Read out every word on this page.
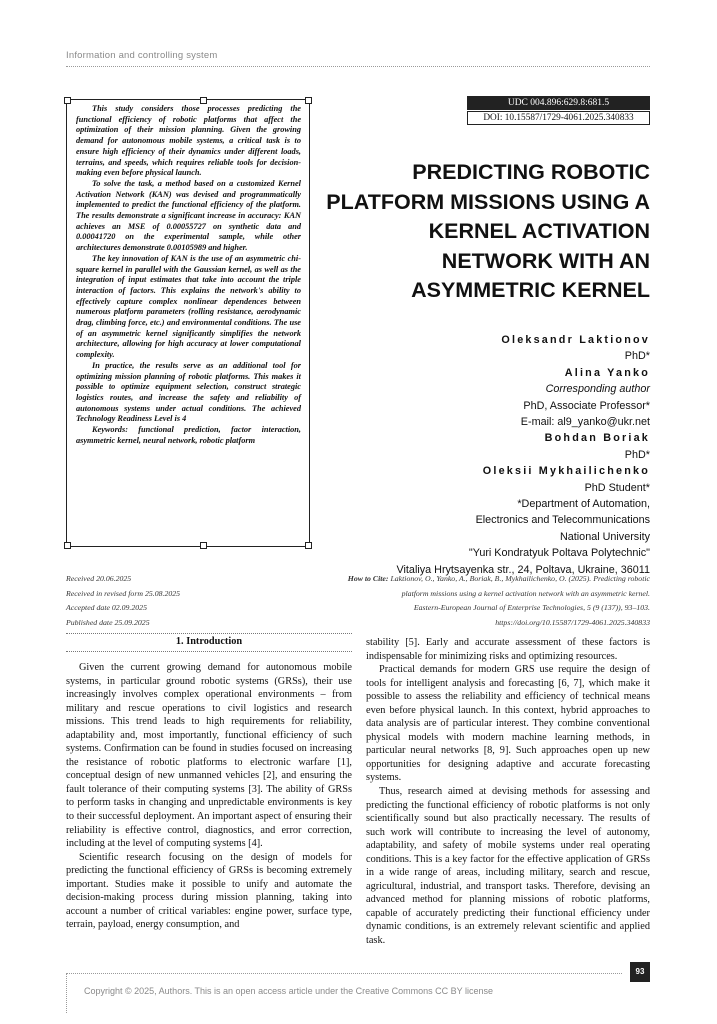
Information and controlling system

This study considers those processes predicting the functional efficiency of robotic platforms that affect the optimization of their mission planning. Given the growing demand for autonomous mobile systems, a critical task is to ensure high efficiency of their dynamics under different loads, terrains, and speeds, which requires reliable tools for decision-making even before physical launch.

To solve the task, a method based on a customized Kernel Activation Network (KAN) was devised and programmatically implemented to predict the functional efficiency of the platform. The results demonstrate a significant increase in accuracy: KAN achieves an MSE of 0.00055727 on synthetic data and 0.00041720 on the experimental sample, while other architectures demonstrate 0.00105989 and higher.

The key innovation of KAN is the use of an asymmetric chi-square kernel in parallel with the Gaussian kernel, as well as the integration of input estimates that take into account the triple interaction of factors. This explains the network's ability to effectively capture complex nonlinear dependences between numerous platform parameters (rolling resistance, aerodynamic drag, climbing force, etc.) and environmental conditions. The use of an asymmetric kernel significantly simplifies the network architecture, allowing for high accuracy at lower computational complexity.

In practice, the results serve as an additional tool for optimizing mission planning of robotic platforms. This makes it possible to optimize equipment selection, construct strategic logistics routes, and increase the safety and reliability of autonomous systems under actual conditions. The achieved Technology Readiness Level is 4

Keywords: functional prediction, factor interaction, asymmetric kernel, neural network, robotic platform

UDC 004.896:629.8:681.5
DOI: 10.15587/1729-4061.2025.340833
PREDICTING ROBOTIC PLATFORM MISSIONS USING A KERNEL ACTIVATION NETWORK WITH AN ASYMMETRIC KERNEL
Oleksandr Laktionov
PhD*
Alina Yanko
Corresponding author
PhD, Associate Professor*
E-mail: al9_yanko@ukr.net
Bohdan Boriak
PhD*
Oleksii Mykhailichenko
PhD Student*
*Department of Automation,
Electronics and Telecommunications
National University
"Yuri Kondratyuk Poltava Polytechnic"
Vitaliya Hrytsayenka str., 24, Poltava, Ukraine, 36011
Received 20.06.2025
Received in revised form 25.08.2025
Accepted date 02.09.2025
Published date 25.09.2025
How to Cite: Laktionov, O., Yanko, A., Boriak, B., Mykhailichenko, O. (2025). Predicting robotic
platform missions using a kernel activation network with an asymmetric kernel.
Eastern-European Journal of Enterprise Technologies, 5 (9 (137)), 93–103.
https://doi.org/10.15587/1729-4061.2025.340833
1. Introduction

Given the current growing demand for autonomous mobile systems, in particular ground robotic systems (GRSs), their use increasingly involves complex operational environments – from military and rescue operations to civil logistics and research missions. This trend leads to high requirements for reliability, adaptability and, most importantly, functional efficiency of such systems. Confirmation can be found in studies focused on increasing the resistance of robotic platforms to electronic warfare [1], conceptual design of new unmanned vehicles [2], and ensuring the fault tolerance of their computing systems [3]. The ability of GRSs to perform tasks in changing and unpredictable environments is key to their successful deployment. An important aspect of ensuring their reliability is effective control, diagnostics, and error correction, including at the level of computing systems [4].

Scientific research focusing on the design of models for predicting the functional efficiency of GRSs is becoming extremely important. Studies make it possible to unify and automate the decision-making process during mission planning, taking into account a number of critical variables: engine power, surface type, terrain, payload, energy consumption, and

stability [5]. Early and accurate assessment of these factors is indispensable for minimizing risks and optimizing resources.

Practical demands for modern GRS use require the design of tools for intelligent analysis and forecasting [6, 7], which make it possible to assess the reliability and efficiency of technical means even before physical launch. In this context, hybrid approaches to data analysis are of particular interest. They combine conventional physical models with modern machine learning methods, in particular neural networks [8, 9]. Such approaches open up new opportunities for designing adaptive and accurate forecasting systems.

Thus, research aimed at devising methods for assessing and predicting the functional efficiency of robotic platforms is not only scientifically sound but also practically necessary. The results of such work will contribute to increasing the level of autonomy, adaptability, and safety of mobile systems under real operating conditions. This is a key factor for the effective application of GRSs in a wide range of areas, including military, search and rescue, agricultural, industrial, and transport tasks. Therefore, devising an advanced method for planning missions of robotic platforms, capable of accurately predicting their functional efficiency under dynamic conditions, is an extremely relevant scientific and applied task.

93
Copyright © 2025, Authors. This is an open access article under the Creative Commons CC BY license
